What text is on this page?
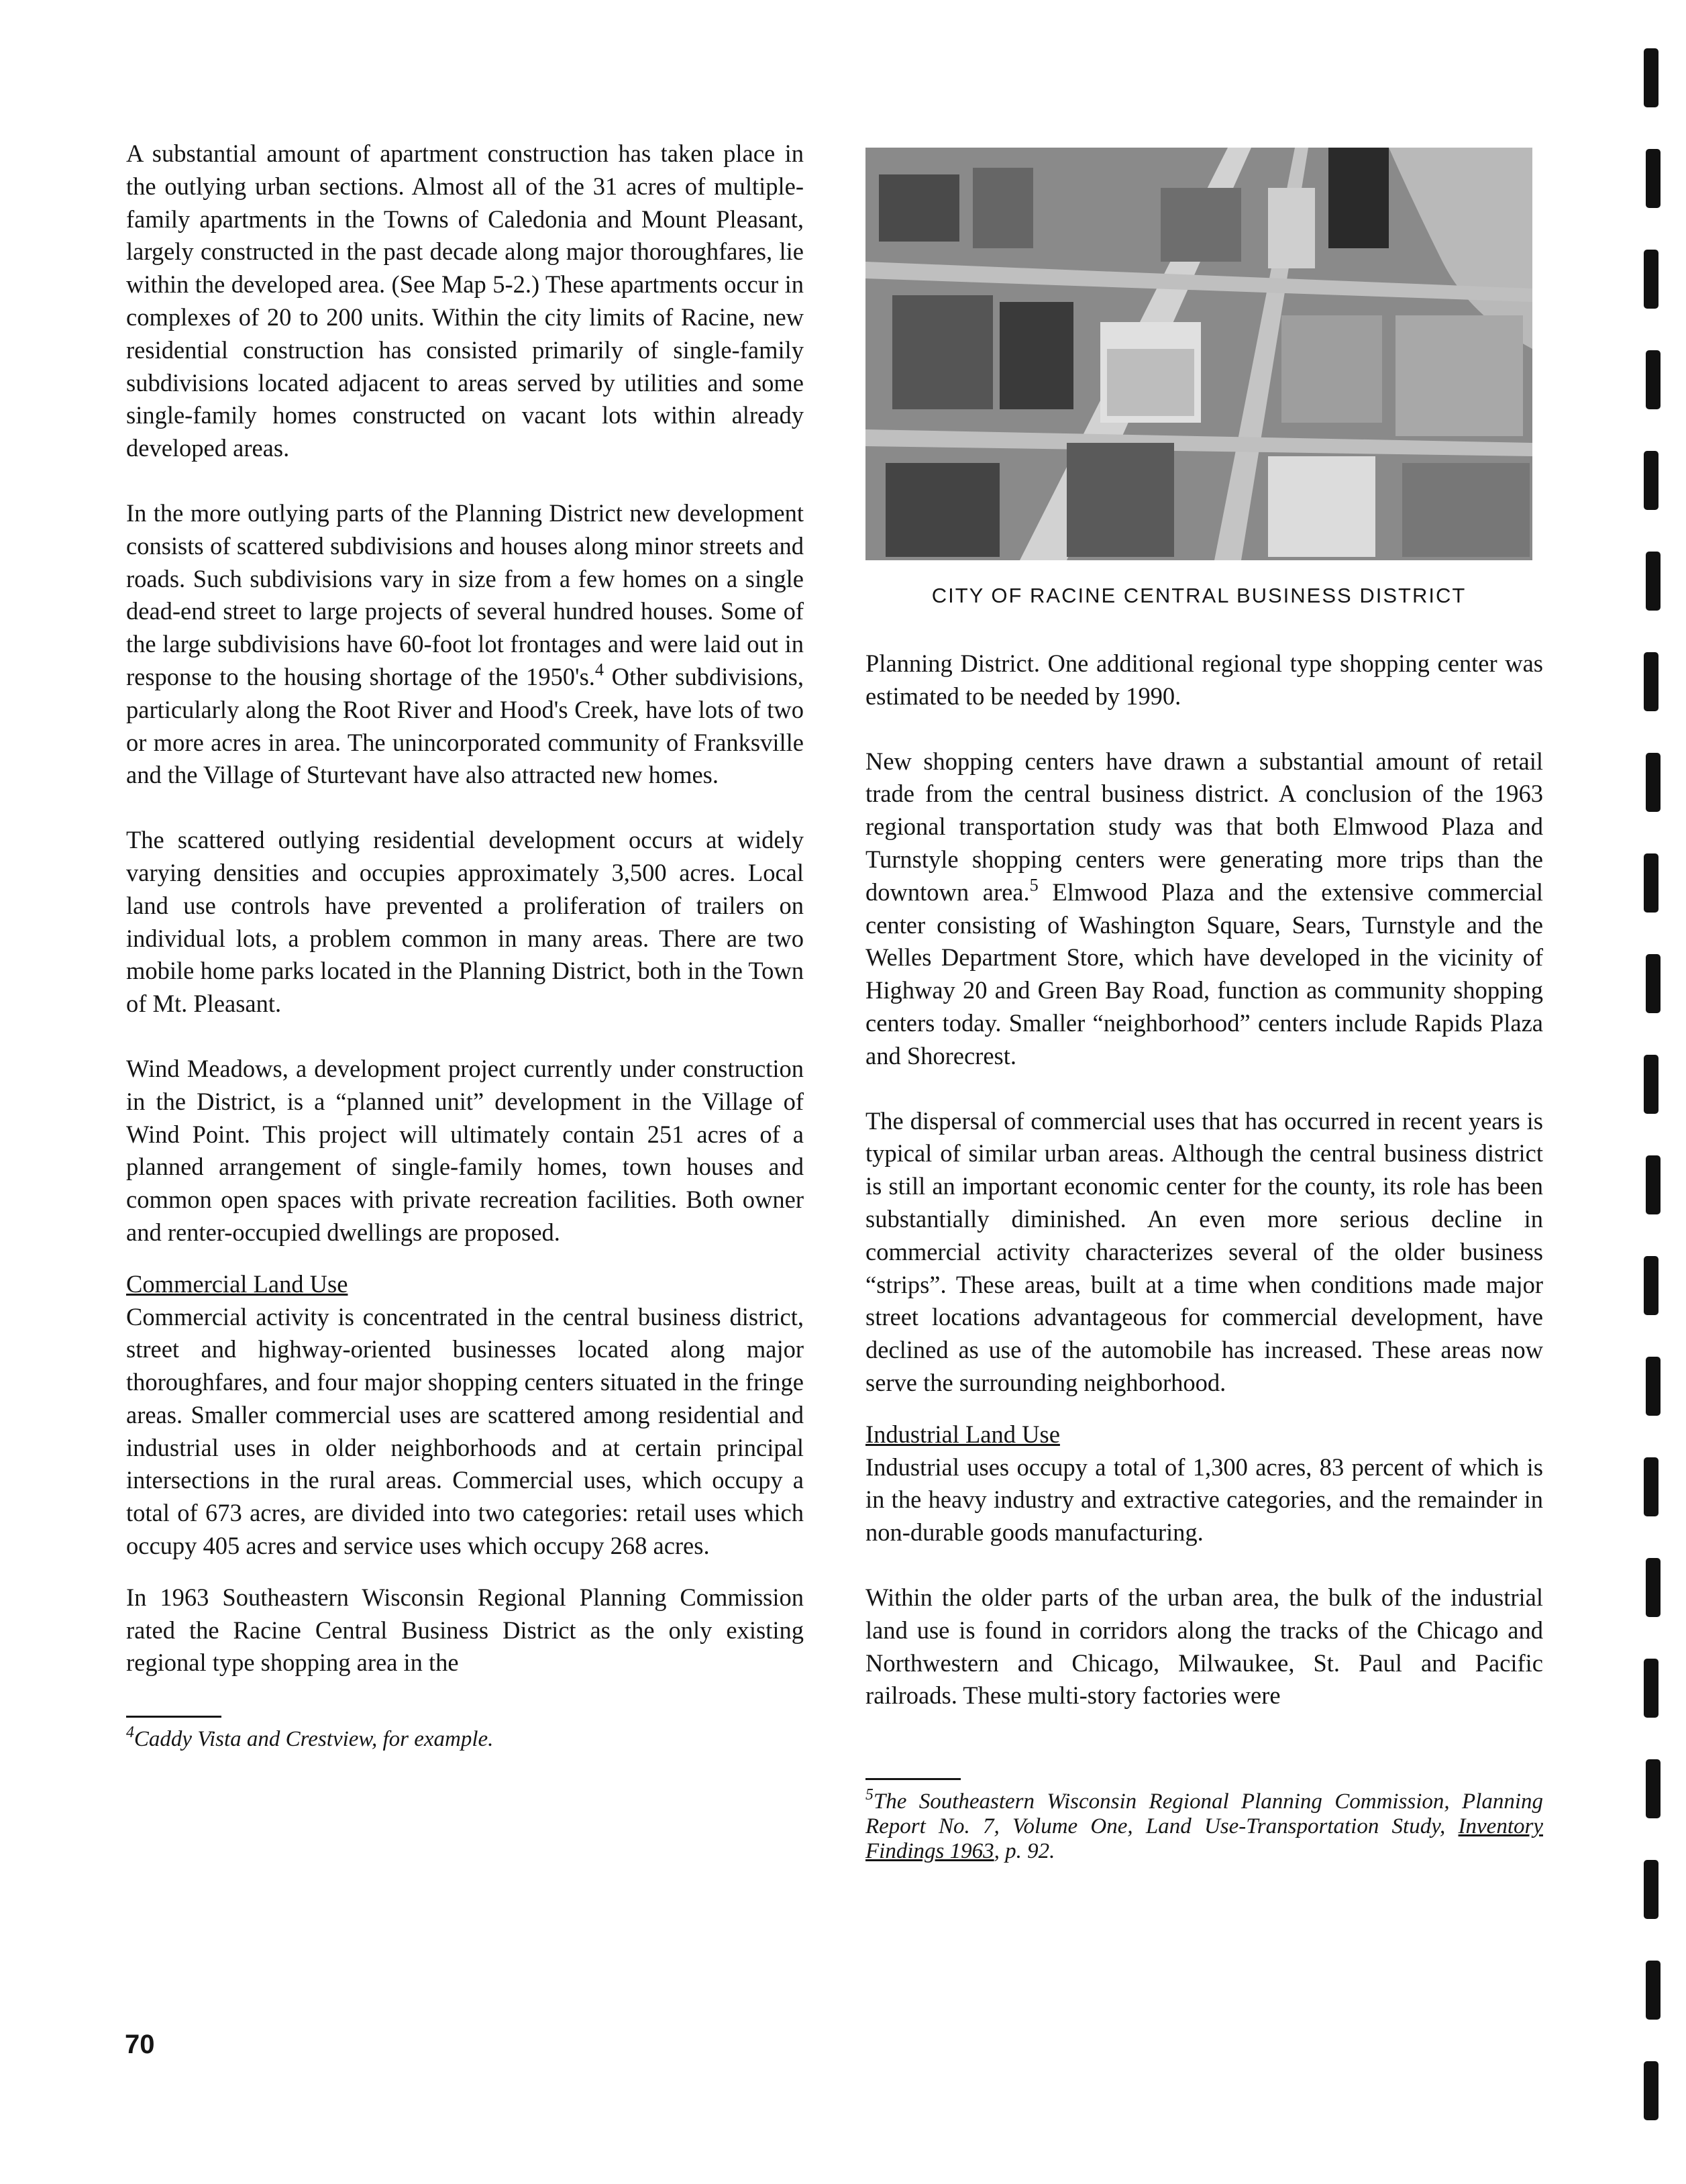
A substantial amount of apartment construction has taken place in the outlying urban sections. Almost all of the 31 acres of multiple-family apartments in the Towns of Caledonia and Mount Pleasant, largely constructed in the past decade along major thoroughfares, lie within the developed area. (See Map 5-2.) These apartments occur in complexes of 20 to 200 units. Within the city limits of Racine, new residential construction has consisted primarily of single-family subdivisions located adjacent to areas served by utilities and some single-family homes constructed on vacant lots within already developed areas.

In the more outlying parts of the Planning District new development consists of scattered subdivisions and houses along minor streets and roads. Such subdivisions vary in size from a few homes on a single dead-end street to large projects of several hundred houses. Some of the large subdivisions have 60-foot lot frontages and were laid out in response to the housing shortage of the 1950's.$^4$ Other subdivisions, particularly along the Root River and Hood's Creek, have lots of two or more acres in area. The unincorporated community of Franksville and the Village of Sturtevant have also attracted new homes.

The scattered outlying residential development occurs at widely varying densities and occupies approximately 3,500 acres. Local land use controls have prevented a proliferation of trailers on individual lots, a problem common in many areas. There are two mobile home parks located in the Planning District, both in the Town of Mt. Pleasant.

Wind Meadows, a development project currently under construction in the District, is a “planned unit” development in the Village of Wind Point. This project will ultimately contain 251 acres of a planned arrangement of single-family homes, town houses and common open spaces with private recreation facilities. Both owner and renter-occupied dwellings are proposed.

Commercial Land Use

Commercial activity is concentrated in the central business district, street and highway-oriented businesses located along major thoroughfares, and four major shopping centers situated in the fringe areas. Smaller commercial uses are scattered among residential and industrial uses in older neighborhoods and at certain principal intersections in the rural areas. Commercial uses, which occupy a total of 673 acres, are divided into two categories: retail uses which occupy 405 acres and service uses which occupy 268 acres.

In 1963 Southeastern Wisconsin Regional Planning Commission rated the Racine Central Business District as the only existing regional type shopping area in the

$^4$Caddy Vista and Crestview, for example.

CITY OF RACINE CENTRAL BUSINESS DISTRICT

Planning District. One additional regional type shopping center was estimated to be needed by 1990.

New shopping centers have drawn a substantial amount of retail trade from the central business district. A conclusion of the 1963 regional transportation study was that both Elmwood Plaza and Turnstyle shopping centers were generating more trips than the downtown area.$^5$ Elmwood Plaza and the extensive commercial center consisting of Washington Square, Sears, Turnstyle and the Welles Department Store, which have developed in the vicinity of Highway 20 and Green Bay Road, function as community shopping centers today. Smaller “neighborhood” centers include Rapids Plaza and Shorecrest.

The dispersal of commercial uses that has occurred in recent years is typical of similar urban areas. Although the central business district is still an important economic center for the county, its role has been substantially diminished. An even more serious decline in commercial activity characterizes several of the older business “strips”. These areas, built at a time when conditions made major street locations advantageous for commercial development, have declined as use of the automobile has increased. These areas now serve the surrounding neighborhood.

Industrial Land Use

Industrial uses occupy a total of 1,300 acres, 83 percent of which is in the heavy industry and extractive categories, and the remainder in non-durable goods manufacturing.

Within the older parts of the urban area, the bulk of the industrial land use is found in corridors along the tracks of the Chicago and Northwestern and Chicago, Milwaukee, St. Paul and Pacific railroads. These multi-story factories were

$^5$The Southeastern Wisconsin Regional Planning Commission, Planning Report No. 7, Volume One, Land Use-Transportation Study, Inventory Findings 1963, p. 92.

70
